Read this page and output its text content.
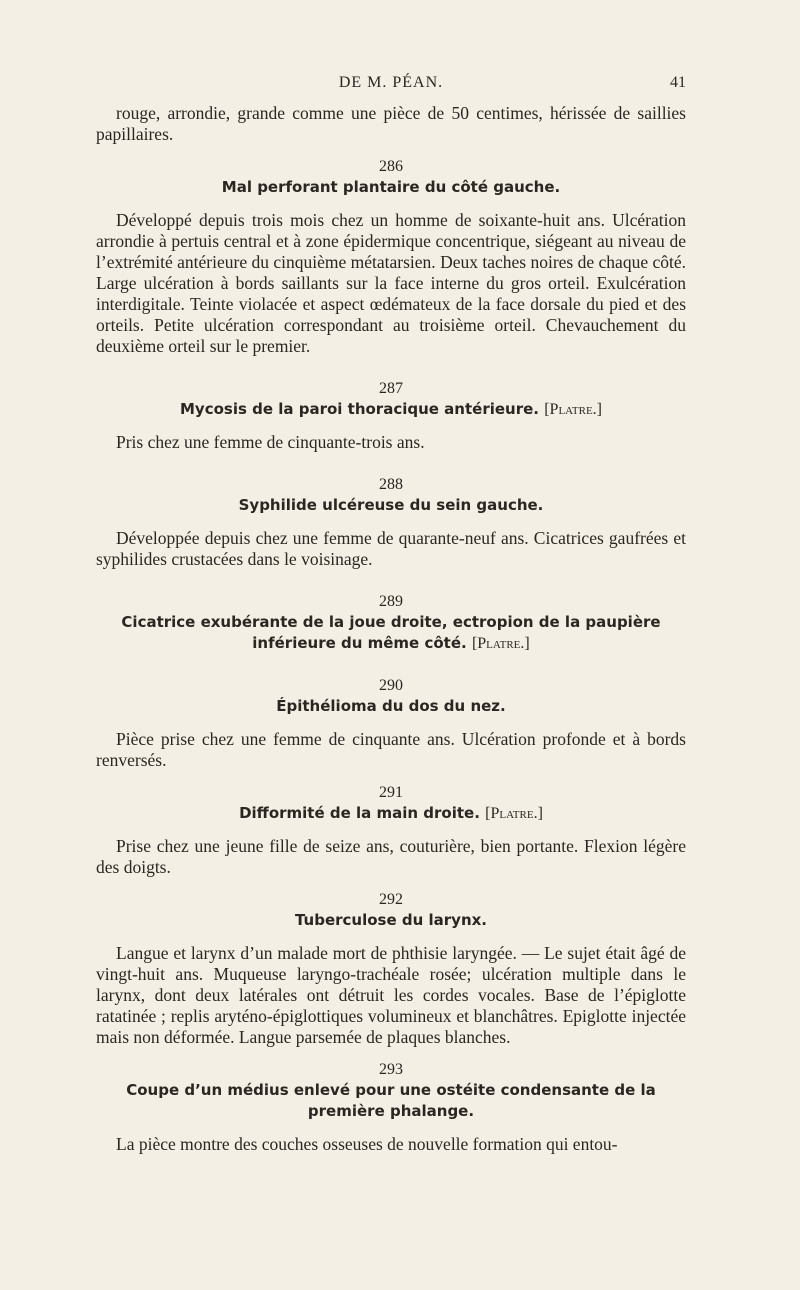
DE M. PÉAN.	41

rouge, arrondie, grande comme une pièce de 50 centimes, hérissée de saillies papillaires.

286
Mal perforant plantaire du côté gauche.

Développé depuis trois mois chez un homme de soixante-huit ans. Ulcération arrondie à pertuis central et à zone épidermique concentrique, siégeant au niveau de l’extrémité antérieure du cinquième métatarsien. Deux taches noires de chaque côté. Large ulcération à bords saillants sur la face interne du gros orteil. Exulcération interdigitale. Teinte violacée et aspect œdémateux de la face dorsale du pied et des orteils. Petite ulcération correspondant au troisième orteil. Chevauchement du deuxième orteil sur le premier.

287
Mycosis de la paroi thoracique antérieure. [Platre.]

Pris chez une femme de cinquante-trois ans.

288
Syphilide ulcéreuse du sein gauche.

Développée depuis chez une femme de quarante-neuf ans. Cicatrices gaufrées et syphilides crustacées dans le voisinage.

289
Cicatrice exubérante de la joue droite, ectropion de la paupière inférieure du même côté. [Platre.]
290
Épithélioma du dos du nez.

Pièce prise chez une femme de cinquante ans. Ulcération profonde et à bords renversés.

291
Difformité de la main droite. [Platre.]

Prise chez une jeune fille de seize ans, couturière, bien portante. Flexion légère des doigts.

292
Tuberculose du larynx.

Langue et larynx d’un malade mort de phthisie laryngée. — Le sujet était âgé de vingt-huit ans. Muqueuse laryngo-trachéale rosée; ulcération multiple dans le larynx, dont deux latérales ont détruit les cordes vocales. Base de l’épiglotte ratatinée ; replis aryténo-épiglottiques volumineux et blanchâtres. Epiglotte injectée mais non déformée. Langue parsemée de plaques blanches.

293
Coupe d’un médius enlevé pour une ostéite condensante de la première phalange.

La pièce montre des couches osseuses de nouvelle formation qui entou-
